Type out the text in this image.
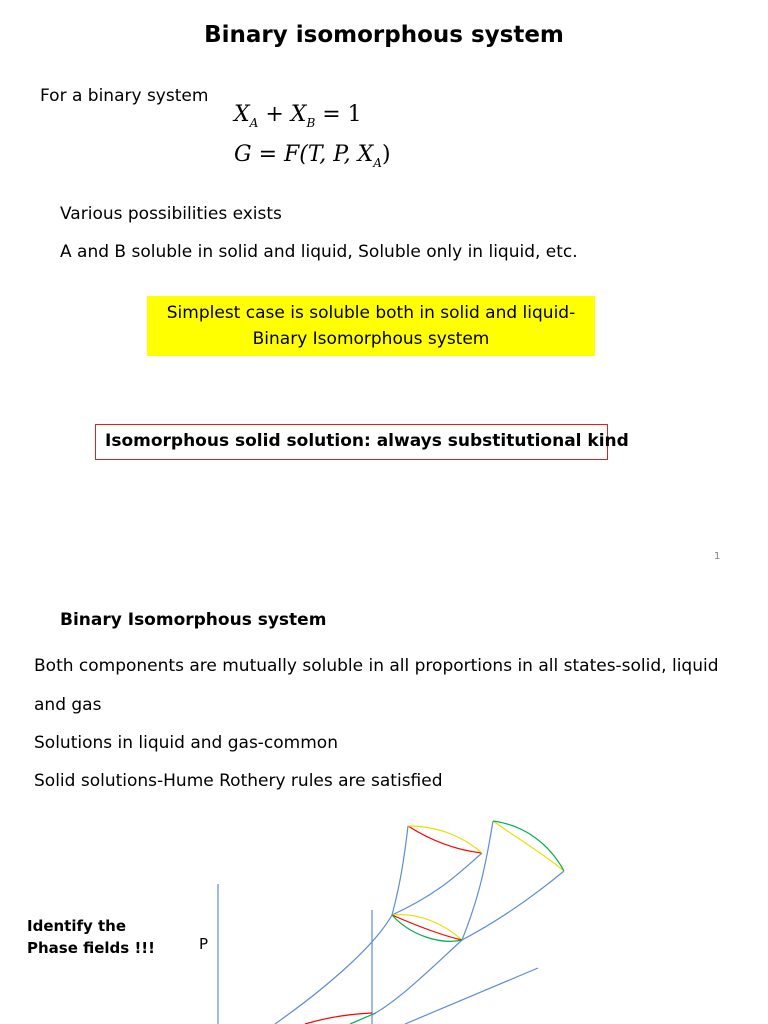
Binary isomorphous system
For a binary system
$X_A + X_B = 1$
G = F(T, P, $X_A$)
Various possibilities exists
A and B soluble in solid and liquid, Soluble only in liquid, etc.
Simplest case is soluble both in solid and liquid-
Binary Isomorphous system
Isomorphous solid solution: always substitutional kind
1
Binary Isomorphous system
Both components are mutually soluble in all proportions in all states-solid, liquid
and gas
Solutions in liquid and gas-common
Solid solutions-Hume Rothery rules are satisfied
Identify the
Phase fields !!!	P
